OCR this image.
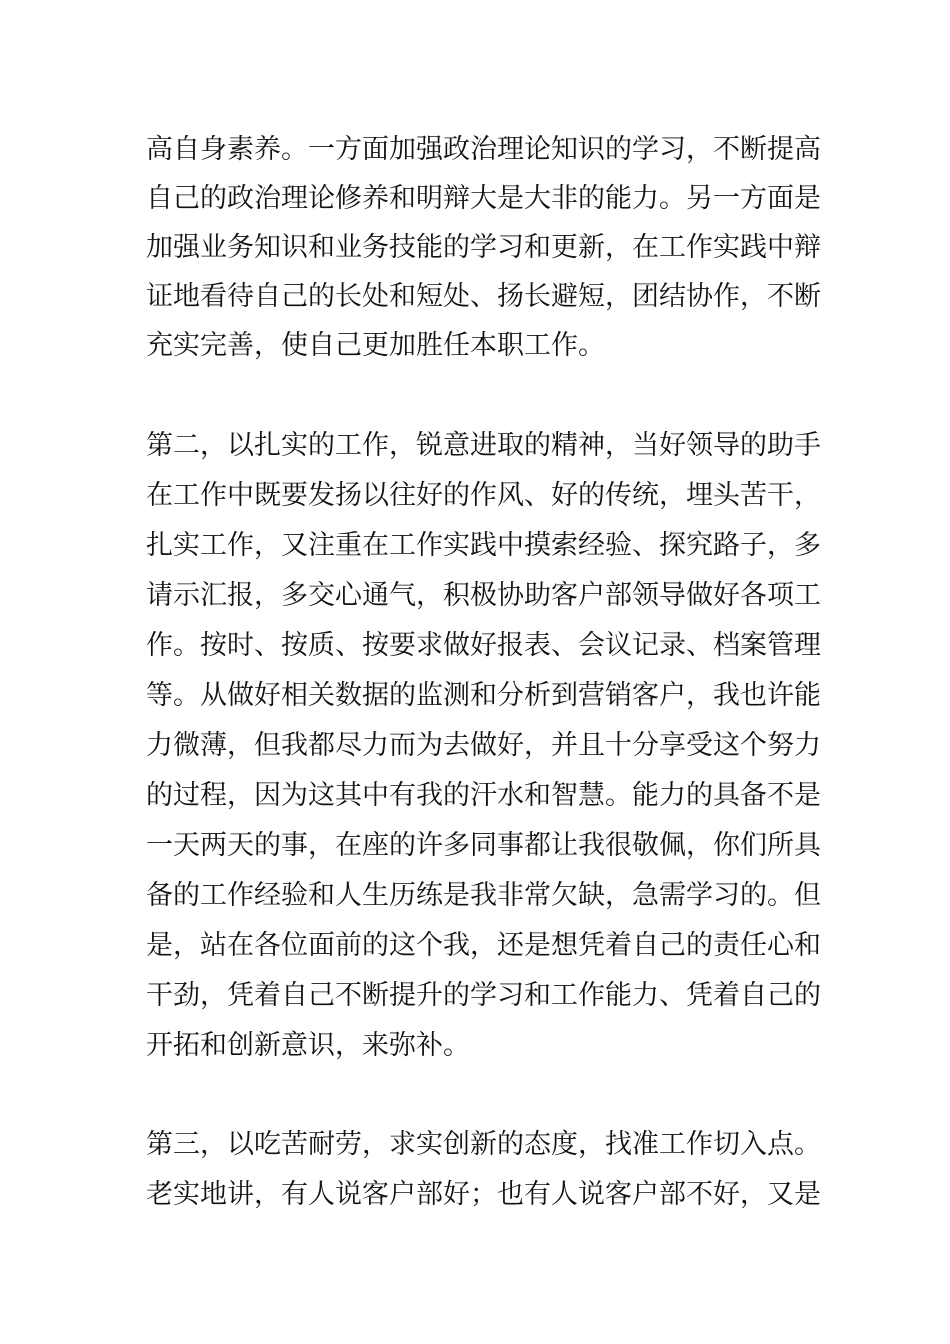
高自身素养。一方面加强政治理论知识的学习，不断提高
自己的政治理论修养和明辩大是大非的能力。另一方面是
加强业务知识和业务技能的学习和更新，在工作实践中辩
证地看待自己的长处和短处、扬长避短，团结协作，不断
充实完善，使自己更加胜任本职工作。
第二，以扎实的工作，锐意进取的精神，当好领导的助手
在工作中既要发扬以往好的作风、好的传统，埋头苦干，
扎实工作，又注重在工作实践中摸索经验、探究路子，多
请示汇报，多交心通气，积极协助客户部领导做好各项工
作。按时、按质、按要求做好报表、会议记录、档案管理
等。从做好相关数据的监测和分析到营销客户，我也许能
力微薄，但我都尽力而为去做好，并且十分享受这个努力
的过程，因为这其中有我的汗水和智慧。能力的具备不是
一天两天的事，在座的许多同事都让我很敬佩，你们所具
备的工作经验和人生历练是我非常欠缺，急需学习的。但
是，站在各位面前的这个我，还是想凭着自己的责任心和
干劲，凭着自己不断提升的学习和工作能力、凭着自己的
开拓和创新意识，来弥补。
第三，以吃苦耐劳，求实创新的态度，找准工作切入点。
老实地讲，有人说客户部好；也有人说客户部不好，又是
